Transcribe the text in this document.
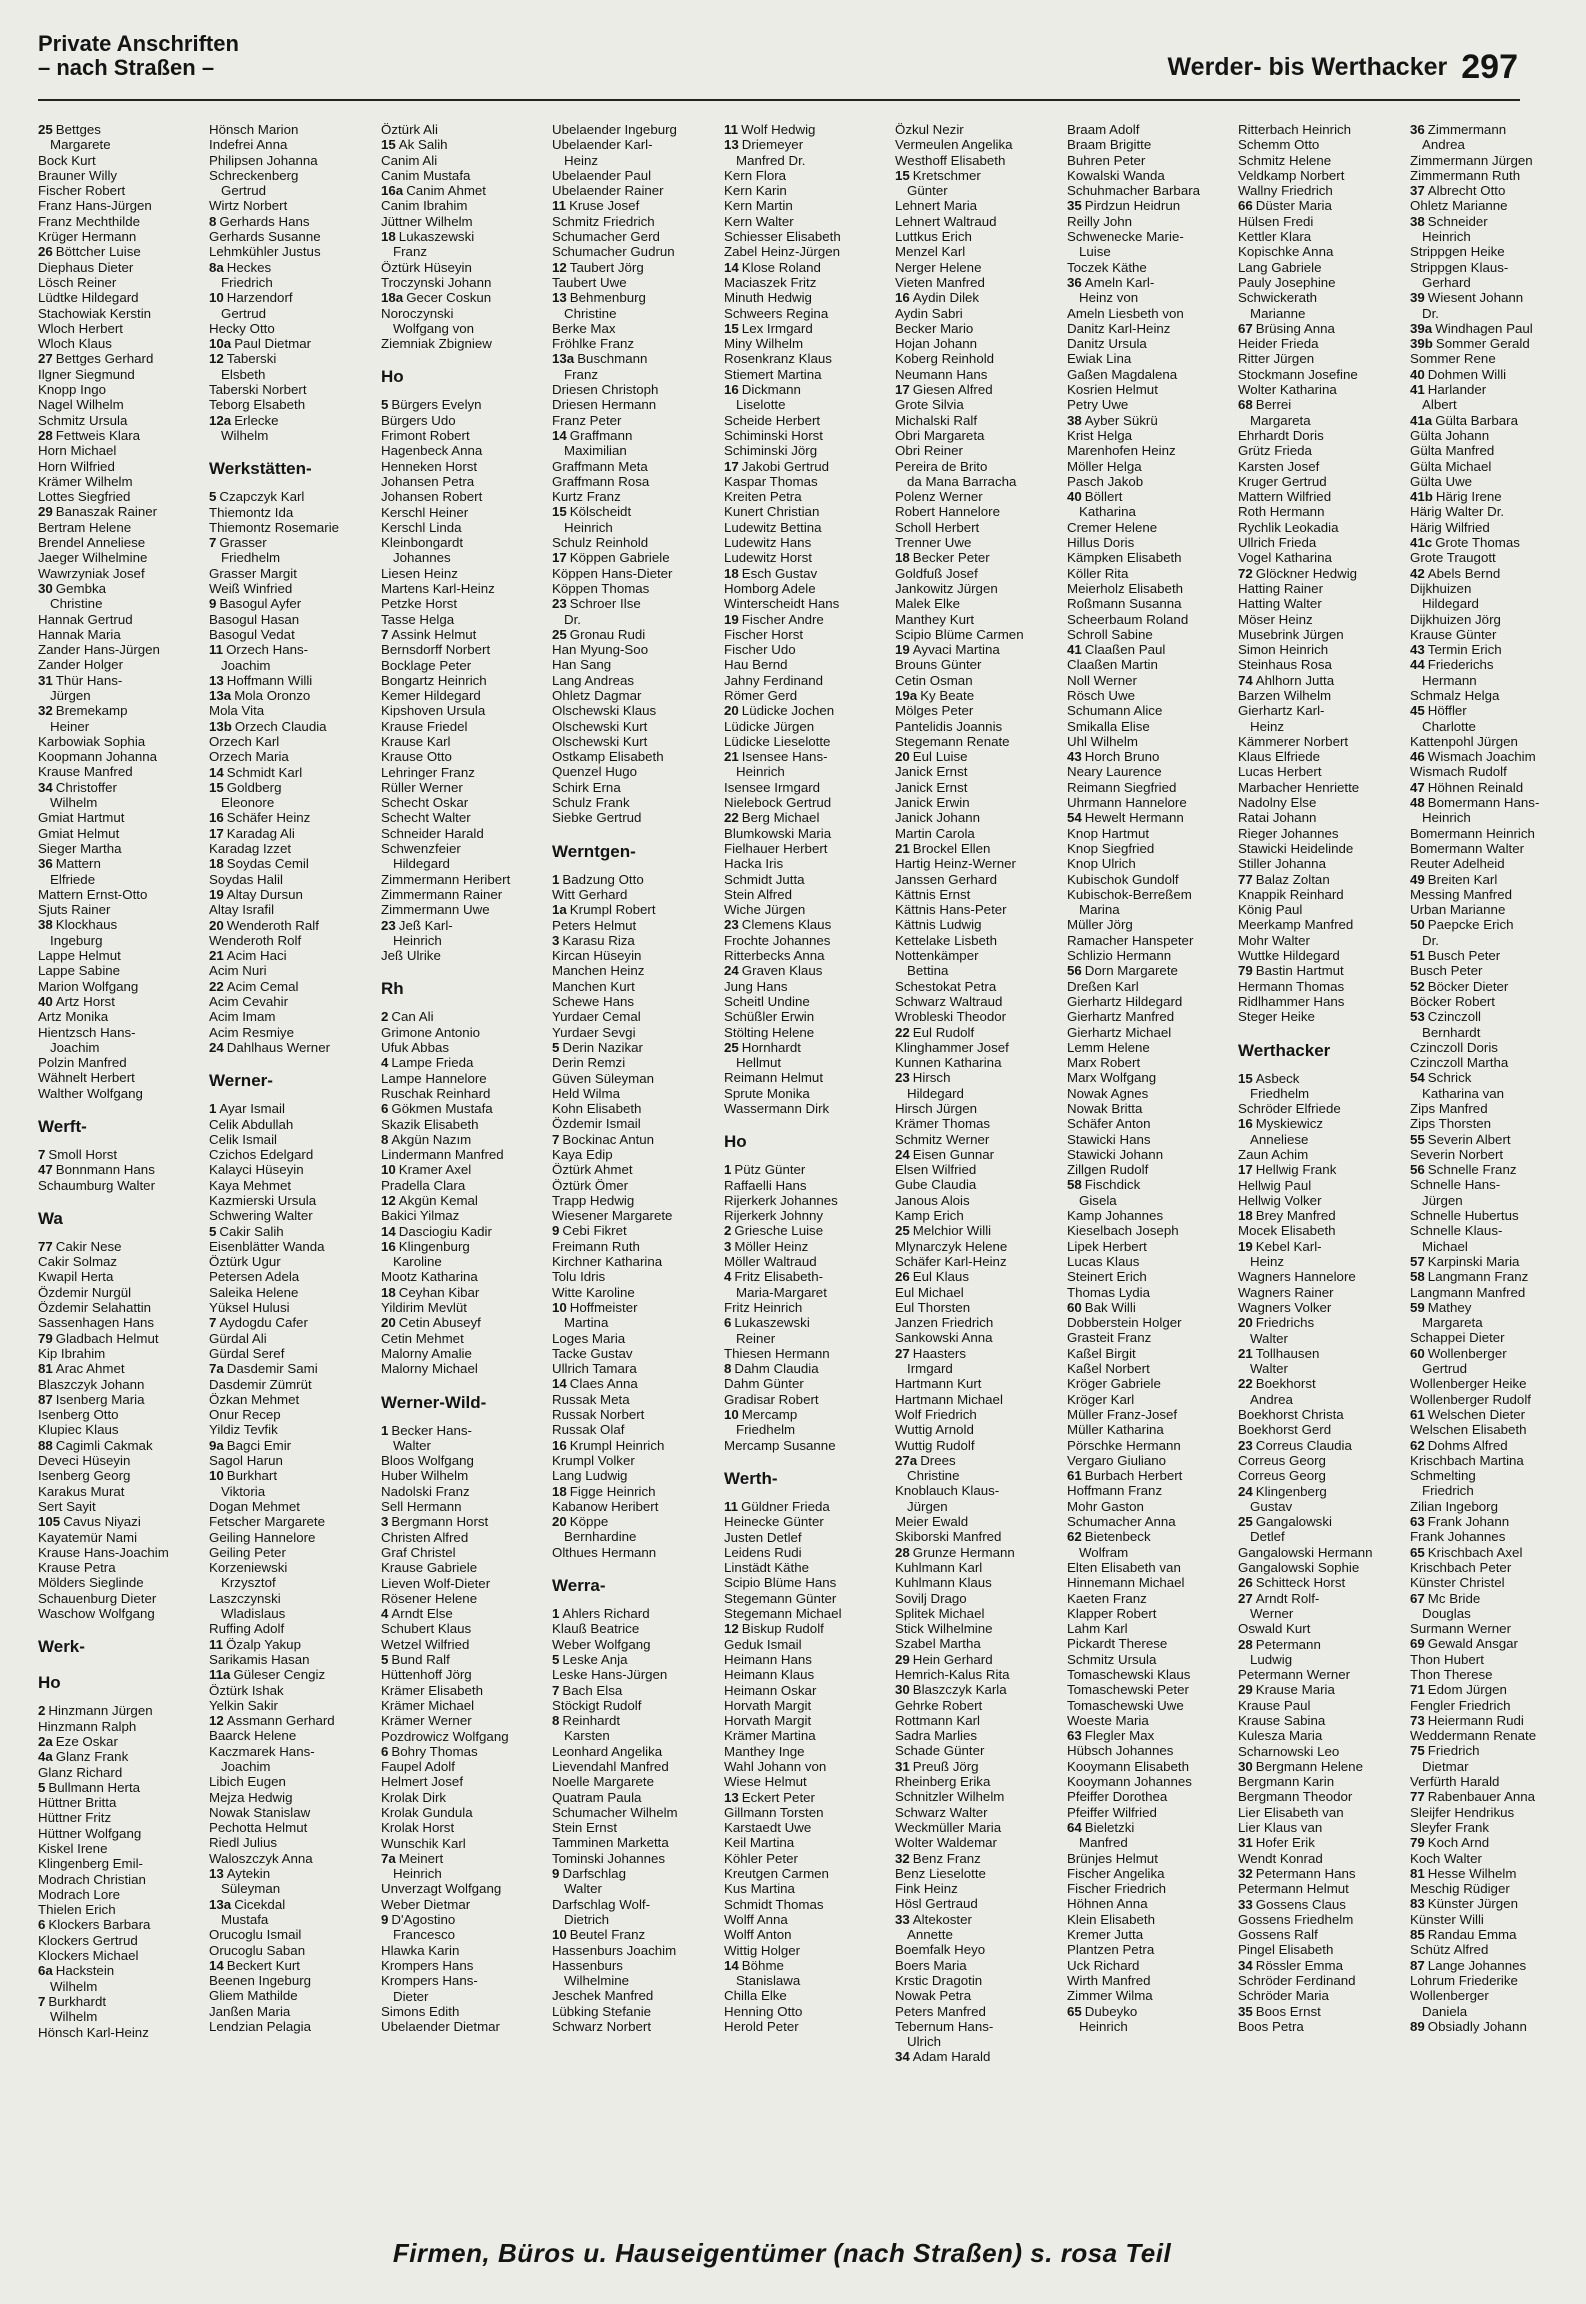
Private Anschriften
– nach Straßen –	Werder- bis Werthacker 297
25 Bettges
Margarete
Bock Kurt
Brauner Willy
Fischer Robert
Franz Hans-Jürgen
Franz Mechthilde
Krüger Hermann
26 Böttcher Luise
Diephaus Dieter
Lösch Reiner
Lüdtke Hildegard
Stachowiak Kerstin
Wloch Herbert
Wloch Klaus
27 Bettges Gerhard
Ilgner Siegmund
Knopp Ingo
Nagel Wilhelm
Schmitz Ursula
28 Fettweis Klara
Horn Michael
Horn Wilfried
Krämer Wilhelm
Lottes Siegfried
29 Banaszak Rainer
Bertram Helene
Brendel Anneliese
Jaeger Wilhelmine
Wawrzyniak Josef
30 Gembka
Christine
Hannak Gertrud
Hannak Maria
Zander Hans-Jürgen
Zander Holger
31 Thür Hans-
Jürgen
32 Bremekamp
Heiner
Karbowiak Sophia
Koopmann Johanna
Krause Manfred
34 Christoffer
Wilhelm
Gmiat Hartmut
Gmiat Helmut
Sieger Martha
36 Mattern
Elfriede
Mattern Ernst-Otto
Sjuts Rainer
38 Klockhaus
Ingeburg
Lappe Helmut
Lappe Sabine
Marion Wolfgang
40 Artz Horst
Artz Monika
Hientzsch Hans-
Joachim
Polzin Manfred
Wähnelt Herbert
Walther Wolfgang
Werft-
7 Smoll Horst
47 Bonnmann Hans
Schaumburg Walter
Wa
77 Cakir Nese
Cakir Solmaz
Kwapil Herta
Özdemir Nurgül
Özdemir Selahattin
Sassenhagen Hans
79 Gladbach Helmut
Kip Ibrahim
81 Arac Ahmet
Blaszczyk Johann
87 Isenberg Maria
Isenberg Otto
Klupiec Klaus
88 Cagimli Cakmak
Deveci Hüseyin
Isenberg Georg
Karakus Murat
Sert Sayit
105 Cavus Niyazi
Kayatemür Nami
Krause Hans-Joachim
Krause Petra
Mölders Sieglinde
Schauenburg Dieter
Waschow Wolfgang
Werk-
Ho
2 Hinzmann Jürgen
Hinzmann Ralph
2a Eze Oskar
4a Glanz Frank
Glanz Richard
5 Bullmann Herta
Hüttner Britta
Hüttner Fritz
Hüttner Wolfgang
Kiskel Irene
Klingenberg Emil-
Modrach Christian
Modrach Lore
Thielen Erich
6 Klockers Barbara
Klockers Gertrud
Klockers Michael
6a Hackstein
Wilhelm
7 Burkhardt
Wilhelm
Hönsch Karl-Heinz
Hönsch Marion
Indefrei Anna
Philipsen Johanna
Schreckenberg
Gertrud
Wirtz Norbert
8 Gerhards Hans
Gerhards Susanne
Lehmkühler Justus
8a Heckes
Friedrich
10 Harzendorf
Gertrud
Hecky Otto
10a Paul Dietmar
12 Taberski
Elsbeth
Taberski Norbert
Teborg Elsabeth
12a Erlecke
Wilhelm
Werkstätten-
5 Czapczyk Karl
Thiemontz Ida
Thiemontz Rosemarie
7 Grasser
Friedhelm
Grasser Margit
Weiß Winfried
9 Basogul Ayfer
Basogul Hasan
Basogul Vedat
11 Orzech Hans-
Joachim
13 Hoffmann Willi
13a Mola Oronzo
Mola Vita
13b Orzech Claudia
Orzech Karl
Orzech Maria
14 Schmidt Karl
15 Goldberg
Eleonore
16 Schäfer Heinz
17 Karadag Ali
Karadag Izzet
18 Soydas Cemil
Soydas Halil
19 Altay Dursun
Altay Israfil
20 Wenderoth Ralf
Wenderoth Rolf
21 Acim Haci
Acim Nuri
22 Acim Cemal
Acim Cevahir
Acim Imam
Acim Resmiye
24 Dahlhaus Werner
Werner-
1 Ayar Ismail
Celik Abdullah
Celik Ismail
Czichos Edelgard
Kalayci Hüseyin
Kaya Mehmet
Kazmierski Ursula
Schwering Walter
5 Cakir Salih
Eisenblätter Wanda
Öztürk Ugur
Petersen Adela
Saleika Helene
Yüksel Hulusi
7 Aydogdu Cafer
Gürdal Ali
Gürdal Seref
7a Dasdemir Sami
Dasdemir Zümrüt
Özkan Mehmet
Onur Recep
Yildiz Tevfik
9a Bagci Emir
Sagol Harun
10 Burkhart
Viktoria
Dogan Mehmet
Fetscher Margarete
Geiling Hannelore
Geiling Peter
Korzeniewski
Krzysztof
Laszczynski
Wladislaus
Ruffing Adolf
11 Özalp Yakup
Sarikamis Hasan
11a Güleser Cengiz
Öztürk Ishak
Yelkin Sakir
12 Assmann Gerhard
Baarck Helene
Kaczmarek Hans-
Joachim
Libich Eugen
Mejza Hedwig
Nowak Stanislaw
Pechotta Helmut
Riedl Julius
Waloszczyk Anna
13 Aytekin
Süleyman
13a Cicekdal
Mustafa
Orucoglu Ismail
Orucoglu Saban
14 Beckert Kurt
Beenen Ingeburg
Gliem Mathilde
Janßen Maria
Lendzian Pelagia
Öztürk Ali
15 Ak Salih
Canim Ali
Canim Mustafa
16a Canim Ahmet
Canim Ibrahim
Jüttner Wilhelm
18 Lukaszewski
Franz
Öztürk Hüseyin
Troczynski Johann
18a Gecer Coskun
Noroczynski
Wolfgang von
Ziemniak Zbigniew
Ho
5 Bürgers Evelyn
Bürgers Udo
Frimont Robert
Hagenbeck Anna
Henneken Horst
Johansen Petra
Johansen Robert
Kerschl Heiner
Kerschl Linda
Kleinbongardt
Johannes
Liesen Heinz
Martens Karl-Heinz
Petzke Horst
Tasse Helga
7 Assink Helmut
Bernsdorff Norbert
Bocklage Peter
Bongartz Heinrich
Kemer Hildegard
Kipshoven Ursula
Krause Friedel
Krause Karl
Krause Otto
Lehringer Franz
Rüller Werner
Schecht Oskar
Schecht Walter
Schneider Harald
Schwenzfeier
Hildegard
Zimmermann Heribert
Zimmermann Rainer
Zimmermann Uwe
23 Jeß Karl-
Heinrich
Jeß Ulrike
Rh
2 Can Ali
Grimone Antonio
Ufuk Abbas
4 Lampe Frieda
Lampe Hannelore
Ruschak Reinhard
6 Gökmen Mustafa
Skazik Elisabeth
8 Akgün Nazım
Lindermann Manfred
10 Kramer Axel
Pradella Clara
12 Akgün Kemal
Bakici Yilmaz
14 Dasciogiu Kadir
16 Klingenburg
Karoline
Mootz Katharina
18 Ceyhan Kibar
Yildirim Mevlüt
20 Cetin Abuseyf
Cetin Mehmet
Malorny Amalie
Malorny Michael
Werner-Wild-
1 Becker Hans-
Walter
Bloos Wolfgang
Huber Wilhelm
Nadolski Franz
Sell Hermann
3 Bergmann Horst
Christen Alfred
Graf Christel
Krause Gabriele
Lieven Wolf-Dieter
Rösener Helene
4 Arndt Else
Schubert Klaus
Wetzel Wilfried
5 Bund Ralf
Hüttenhoff Jörg
Krämer Elisabeth
Krämer Michael
Krämer Werner
Pozdrowicz Wolfgang
6 Bohry Thomas
Faupel Adolf
Helmert Josef
Krolak Dirk
Krolak Gundula
Krolak Horst
Wunschik Karl
7a Meinert
Heinrich
Unverzagt Wolfgang
Weber Dietmar
9 D'Agostino
Francesco
Hlawka Karin
Krompers Hans
Krompers Hans-
Dieter
Simons Edith
Ubelaender Dietmar
Ubelaender Ingeburg
Ubelaender Karl-
Heinz
Ubelaender Paul
Ubelaender Rainer
11 Kruse Josef
Schmitz Friedrich
Schumacher Gerd
Schumacher Gudrun
12 Taubert Jörg
Taubert Uwe
13 Behmenburg
Christine
Berke Max
Fröhlke Franz
13a Buschmann
Franz
Driesen Christoph
Driesen Hermann
Franz Peter
14 Graffmann
Maximilian
Graffmann Meta
Graffmann Rosa
Kurtz Franz
15 Kölscheidt
Heinrich
Schulz Reinhold
17 Köppen Gabriele
Köppen Hans-Dieter
Köppen Thomas
23 Schroer Ilse
Dr.
25 Gronau Rudi
Han Myung-Soo
Han Sang
Lang Andreas
Ohletz Dagmar
Olschewski Klaus
Olschewski Kurt
Olschewski Kurt
Ostkamp Elisabeth
Quenzel Hugo
Schirk Erna
Schulz Frank
Siebke Gertrud
Werntgen-
1 Badzung Otto
Witt Gerhard
1a Krumpl Robert
Peters Helmut
3 Karasu Riza
Kircan Hüseyin
Manchen Heinz
Manchen Kurt
Schewe Hans
Yurdaer Cemal
Yurdaer Sevgi
5 Derin Nazikar
Derin Remzi
Güven Süleyman
Held Wilma
Kohn Elisabeth
Özdemir Ismail
7 Bockinac Antun
Kaya Edip
Öztürk Ahmet
Öztürk Ömer
Trapp Hedwig
Wiesener Margarete
9 Cebi Fikret
Freimann Ruth
Kirchner Katharina
Tolu Idris
Witte Karoline
10 Hoffmeister
Martina
Loges Maria
Tacke Gustav
Ullrich Tamara
14 Claes Anna
Russak Meta
Russak Norbert
Russak Olaf
16 Krumpl Heinrich
Krumpl Volker
Lang Ludwig
18 Figge Heinrich
Kabanow Heribert
20 Köppe
Bernhardine
Olthues Hermann
Werra-
1 Ahlers Richard
Klauß Beatrice
Weber Wolfgang
5 Leske Anja
Leske Hans-Jürgen
7 Bach Elsa
Stöckigt Rudolf
8 Reinhardt
Karsten
Leonhard Angelika
Lievendahl Manfred
Noelle Margarete
Quatram Paula
Schumacher Wilhelm
Stein Ernst
Tamminen Marketta
Tominski Johannes
9 Darfschlag
Walter
Darfschlag Wolf-
Dietrich
10 Beutel Franz
Hassenburs Joachim
Hassenburs
Wilhelmine
Jeschek Manfred
Lübking Stefanie
Schwarz Norbert
11 Wolf Hedwig
13 Driemeyer
Manfred Dr.
Kern Flora
Kern Karin
Kern Martin
Kern Walter
Schiesser Elisabeth
Zabel Heinz-Jürgen
14 Klose Roland
Maciaszek Fritz
Minuth Hedwig
Schweers Regina
15 Lex Irmgard
Miny Wilhelm
Rosenkranz Klaus
Stiemert Martina
16 Dickmann
Liselotte
Scheide Herbert
Schiminski Horst
Schiminski Jörg
17 Jakobi Gertrud
Kaspar Thomas
Kreiten Petra
Kunert Christian
Ludewitz Bettina
Ludewitz Hans
Ludewitz Horst
18 Esch Gustav
Homborg Adele
Winterscheidt Hans
19 Fischer Andre
Fischer Horst
Fischer Udo
Hau Bernd
Jahny Ferdinand
Römer Gerd
20 Lüdicke Jochen
Lüdicke Jürgen
Lüdicke Lieselotte
21 Isensee Hans-
Heinrich
Isensee Irmgard
Nielebock Gertrud
22 Berg Michael
Blumkowski Maria
Fielhauer Herbert
Hacka Iris
Schmidt Jutta
Stein Alfred
Wiche Jürgen
23 Clemens Klaus
Frochte Johannes
Ritterbecks Anna
24 Graven Klaus
Jung Hans
Scheitl Undine
Schüßler Erwin
Stölting Helene
25 Hornhardt
Hellmut
Reimann Helmut
Sprute Monika
Wassermann Dirk
Ho
1 Pütz Günter
Raffaelli Hans
Rijerkerk Johannes
Rijerkerk Johnny
2 Griesche Luise
3 Möller Heinz
Möller Waltraud
4 Fritz Elisabeth-
Maria-Margaret
Fritz Heinrich
6 Lukaszewski
Reiner
Thiesen Hermann
8 Dahm Claudia
Dahm Günter
Gradisar Robert
10 Mercamp
Friedhelm
Mercamp Susanne
Werth-
11 Güldner Frieda
Heinecke Günter
Justen Detlef
Leidens Rudi
Linstädt Käthe
Scipio Blüme Hans
Stegemann Günter
Stegemann Michael
12 Biskup Rudolf
Geduk Ismail
Heimann Hans
Heimann Klaus
Heimann Oskar
Horvath Margit
Horvath Margit
Krämer Martina
Manthey Inge
Wahl Johann von
Wiese Helmut
13 Eckert Peter
Gillmann Torsten
Karstaedt Uwe
Keil Martina
Köhler Peter
Kreutgen Carmen
Kus Martina
Schmidt Thomas
Wolff Anna
Wolff Anton
Wittig Holger
14 Böhme
Stanislawa
Chilla Elke
Henning Otto
Herold Peter
Özkul Nezir
Vermeulen Angelika
Westhoff Elisabeth
15 Kretschmer
Günter
Lehnert Maria
Lehnert Waltraud
Luttkus Erich
Menzel Karl
Nerger Helene
Vieten Manfred
16 Aydin Dilek
Aydin Sabri
Becker Mario
Hojan Johann
Koberg Reinhold
Neumann Hans
17 Giesen Alfred
Grote Silvia
Michalski Ralf
Obri Margareta
Obri Reiner
Pereira de Brito
da Mana Barracha
Polenz Werner
Robert Hannelore
Scholl Herbert
Trenner Uwe
18 Becker Peter
Goldfuß Josef
Jankowitz Jürgen
Malek Elke
Manthey Kurt
Scipio Blüme Carmen
19 Ayvaci Martina
Brouns Günter
Cetin Osman
19a Ky Beate
Mölges Peter
Pantelidis Joannis
Stegemann Renate
20 Eul Luise
Janick Ernst
Janick Ernst
Janick Erwin
Janick Johann
Martin Carola
21 Brockel Ellen
Hartig Heinz-Werner
Janssen Gerhard
Kättnis Ernst
Kättnis Hans-Peter
Kättnis Ludwig
Kettelake Lisbeth
Nottenkämper
Bettina
Schestokat Petra
Schwarz Waltraud
Wrobleski Theodor
22 Eul Rudolf
Klinghammer Josef
Kunnen Katharina
23 Hirsch
Hildegard
Hirsch Jürgen
Krämer Thomas
Schmitz Werner
24 Eisen Gunnar
Elsen Wilfried
Gube Claudia
Janous Alois
Kamp Erich
25 Melchior Willi
Mlynarczyk Helene
Schäfer Karl-Heinz
26 Eul Klaus
Eul Michael
Eul Thorsten
Janzen Friedrich
Sankowski Anna
27 Haasters
Irmgard
Hartmann Kurt
Hartmann Michael
Wolf Friedrich
Wuttig Arnold
Wuttig Rudolf
27a Drees
Christine
Knoblauch Klaus-
Jürgen
Meier Ewald
Skiborski Manfred
28 Grunze Hermann
Kuhlmann Karl
Kuhlmann Klaus
Sovilj Drago
Splitek Michael
Stick Wilhelmine
Szabel Martha
29 Hein Gerhard
Hemrich-Kalus Rita
30 Blaszczyk Karla
Gehrke Robert
Rottmann Karl
Sadra Marlies
Schade Günter
31 Preuß Jörg
Rheinberg Erika
Schnitzler Wilhelm
Schwarz Walter
Weckmüller Maria
Wolter Waldemar
32 Benz Franz
Benz Lieselotte
Fink Heinz
Hösl Gertraud
33 Altekoster
Annette
Boemfalk Heyo
Boers Maria
Krstic Dragotin
Nowak Petra
Peters Manfred
Tebernum Hans-
Ulrich
34 Adam Harald
Braam Adolf
Braam Brigitte
Buhren Peter
Kowalski Wanda
Schuhmacher Barbara
35 Pirdzun Heidrun
Reilly John
Schwenecke Marie-
Luise
Toczek Käthe
36 Ameln Karl-
Heinz von
Ameln Liesbeth von
Danitz Karl-Heinz
Danitz Ursula
Ewiak Lina
Gaßen Magdalena
Kosrien Helmut
Petry Uwe
38 Ayber Sükrü
Krist Helga
Marenhofen Heinz
Möller Helga
Pasch Jakob
40 Böllert
Katharina
Cremer Helene
Hillus Doris
Kämpken Elisabeth
Köller Rita
Meierholz Elisabeth
Roßmann Susanna
Scheerbaum Roland
Schroll Sabine
41 Claaßen Paul
Claaßen Martin
Noll Werner
Rösch Uwe
Schumann Alice
Smikalla Elise
Uhl Wilhelm
43 Horch Bruno
Neary Laurence
Reimann Siegfried
Uhrmann Hannelore
54 Hewelt Hermann
Knop Hartmut
Knop Siegfried
Knop Ulrich
Kubischok Gundolf
Kubischok-Berreßem
Marina
Müller Jörg
Ramacher Hanspeter
Schlizio Hermann
56 Dorn Margarete
Dreßen Karl
Gierhartz Hildegard
Gierhartz Manfred
Gierhartz Michael
Lemm Helene
Marx Robert
Marx Wolfgang
Nowak Agnes
Nowak Britta
Schäfer Anton
Stawicki Hans
Stawicki Johann
Zillgen Rudolf
58 Fischdick
Gisela
Kamp Johannes
Kieselbach Joseph
Lipek Herbert
Lucas Klaus
Steinert Erich
Thomas Lydia
60 Bak Willi
Dobberstein Holger
Grasteit Franz
Kaßel Birgit
Kaßel Norbert
Kröger Gabriele
Kröger Karl
Müller Franz-Josef
Müller Katharina
Pörschke Hermann
Vergaro Giuliano
61 Burbach Herbert
Hoffmann Franz
Mohr Gaston
Schumacher Anna
62 Bietenbeck
Wolfram
Elten Elisabeth van
Hinnemann Michael
Kaeten Franz
Klapper Robert
Lahm Karl
Pickardt Therese
Schmitz Ursula
Tomaschewski Klaus
Tomaschewski Peter
Tomaschewski Uwe
Woeste Maria
63 Flegler Max
Hübsch Johannes
Kooymann Elisabeth
Kooymann Johannes
Pfeiffer Dorothea
Pfeiffer Wilfried
64 Bieletzki
Manfred
Brünjes Helmut
Fischer Angelika
Fischer Friedrich
Höhnen Anna
Klein Elisabeth
Kremer Jutta
Plantzen Petra
Uck Richard
Wirth Manfred
Zimmer Wilma
65 Dubeyko
Heinrich
Ritterbach Heinrich
Schemm Otto
Schmitz Helene
Veldkamp Norbert
Wallny Friedrich
66 Düster Maria
Hülsen Fredi
Kettler Klara
Kopischke Anna
Lang Gabriele
Pauly Josephine
Schwickerath
Marianne
67 Brüsing Anna
Heider Frieda
Ritter Jürgen
Stockmann Josefine
Wolter Katharina
68 Berrei
Margareta
Ehrhardt Doris
Grütz Frieda
Karsten Josef
Kruger Gertrud
Mattern Wilfried
Roth Hermann
Rychlik Leokadia
Ullrich Frieda
Vogel Katharina
72 Glöckner Hedwig
Hatting Rainer
Hatting Walter
Möser Heinz
Musebrink Jürgen
Simon Heinrich
Steinhaus Rosa
74 Ahlhorn Jutta
Barzen Wilhelm
Gierhartz Karl-
Heinz
Kämmerer Norbert
Klaus Elfriede
Lucas Herbert
Marbacher Henriette
Nadolny Else
Ratai Johann
Rieger Johannes
Stawicki Heidelinde
Stiller Johanna
77 Balaz Zoltan
Knappik Reinhard
König Paul
Meerkamp Manfred
Mohr Walter
Wuttke Hildegard
79 Bastin Hartmut
Hermann Thomas
Ridlhammer Hans
Steger Heike
Werthacker
15 Asbeck
Friedhelm
Schröder Elfriede
16 Myskiewicz
Anneliese
Zaun Achim
17 Hellwig Frank
Hellwig Paul
Hellwig Volker
18 Brey Manfred
Mocek Elisabeth
19 Kebel Karl-
Heinz
Wagners Hannelore
Wagners Rainer
Wagners Volker
20 Friedrichs
Walter
21 Tollhausen
Walter
22 Boekhorst
Andrea
Boekhorst Christa
Boekhorst Gerd
23 Correus Claudia
Correus Georg
Correus Georg
24 Klingenberg
Gustav
25 Gangalowski
Detlef
Gangalowski Hermann
Gangalowski Sophie
26 Schitteck Horst
27 Arndt Rolf-
Werner
Oswald Kurt
28 Petermann
Ludwig
Petermann Werner
29 Krause Maria
Krause Paul
Krause Sabina
Kulesza Maria
Scharnowski Leo
30 Bergmann Helene
Bergmann Karin
Bergmann Theodor
Lier Elisabeth van
Lier Klaus van
31 Hofer Erik
Wendt Konrad
32 Petermann Hans
Petermann Helmut
33 Gossens Claus
Gossens Friedhelm
Gossens Ralf
Pingel Elisabeth
34 Rössler Emma
Schröder Ferdinand
Schröder Maria
35 Boos Ernst
Boos Petra
36 Zimmermann
Andrea
Zimmermann Jürgen
Zimmermann Ruth
37 Albrecht Otto
Ohletz Marianne
38 Schneider
Heinrich
Strippgen Heike
Strippgen Klaus-
Gerhard
39 Wiesent Johann
Dr.
39a Windhagen Paul
39b Sommer Gerald
Sommer Rene
40 Dohmen Willi
41 Harlander
Albert
41a Gülta Barbara
Gülta Johann
Gülta Manfred
Gülta Michael
Gülta Uwe
41b Härig Irene
Härig Walter Dr.
Härig Wilfried
41c Grote Thomas
Grote Traugott
42 Abels Bernd
Dijkhuizen
Hildegard
Dijkhuizen Jörg
Krause Günter
43 Termin Erich
44 Friederichs
Hermann
Schmalz Helga
45 Höffler
Charlotte
Kattenpohl Jürgen
46 Wismach Joachim
Wismach Rudolf
47 Höhnen Reinald
48 Bomermann Hans-
Heinrich
Bomermann Heinrich
Bomermann Walter
Reuter Adelheid
49 Breiten Karl
Messing Manfred
Urban Marianne
50 Paepcke Erich
Dr.
51 Busch Peter
Busch Peter
52 Böcker Dieter
Böcker Robert
53 Czinczoll
Bernhardt
Czinczoll Doris
Czinczoll Martha
54 Schrick
Katharina van
Zips Manfred
Zips Thorsten
55 Severin Albert
Severin Norbert
56 Schnelle Franz
Schnelle Hans-
Jürgen
Schnelle Hubertus
Schnelle Klaus-
Michael
57 Karpinski Maria
58 Langmann Franz
Langmann Manfred
59 Mathey
Margareta
Schappei Dieter
60 Wollenberger
Gertrud
Wollenberger Heike
Wollenberger Rudolf
61 Welschen Dieter
Welschen Elisabeth
62 Dohms Alfred
Krischbach Martina
Schmelting
Friedrich
Zilian Ingeborg
63 Frank Johann
Frank Johannes
65 Krischbach Axel
Krischbach Peter
Künster Christel
67 Mc Bride
Douglas
Surmann Werner
69 Gewald Ansgar
Thon Hubert
Thon Therese
71 Edom Jürgen
Fengler Friedrich
73 Heiermann Rudi
Weddermann Renate
75 Friedrich
Dietmar
Verfürth Harald
77 Rabenbauer Anna
Sleijfer Hendrikus
Sleyfer Frank
79 Koch Arnd
Koch Walter
81 Hesse Wilhelm
Meschig Rüdiger
83 Künster Jürgen
Künster Willi
85 Randau Emma
Schütz Alfred
87 Lange Johannes
Lohrum Friederike
Wollenberger
Daniela
89 Obsiadly Johann
Firmen, Büros u. Hauseigentümer (nach Straßen) s. rosa Teil
